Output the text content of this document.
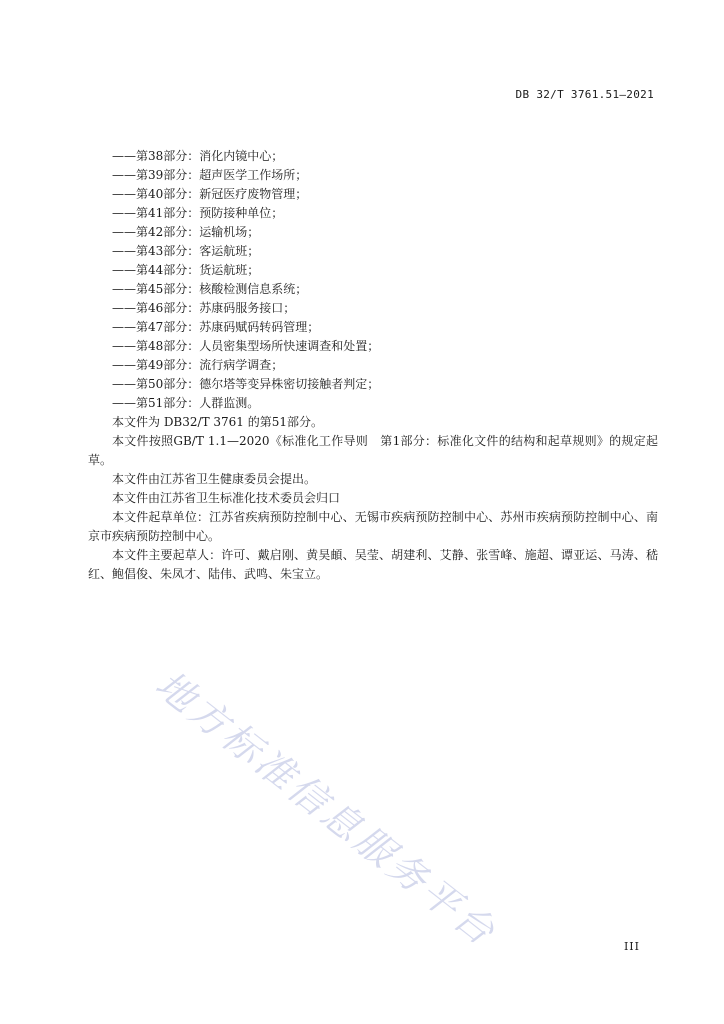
DB 32/T 3761.51—2021
——第38部分：消化内镜中心；
——第39部分：超声医学工作场所；
——第40部分：新冠医疗废物管理；
——第41部分：预防接种单位；
——第42部分：运输机场；
——第43部分：客运航班；
——第44部分：货运航班；
——第45部分：核酸检测信息系统；
——第46部分：苏康码服务接口；
——第47部分：苏康码赋码转码管理；
——第48部分：人员密集型场所快速调查和处置；
——第49部分：流行病学调查；
——第50部分：德尔塔等变异株密切接触者判定；
——第51部分：人群监测。

本文件为 DB32/T 3761 的第51部分。

本文件按照GB/T 1.1—2020《标准化工作导则　第1部分：标准化文件的结构和起草规则》的规定起草。

本文件由江苏省卫生健康委员会提出。

本文件由江苏省卫生标准化技术委员会归口

本文件起草单位：江苏省疾病预防控制中心、无锡市疾病预防控制中心、苏州市疾病预防控制中心、南京市疾病预防控制中心。

本文件主要起草人：许可、戴启刚、黄昊頔、吴莹、胡建利、艾静、张雪峰、施超、谭亚运、马涛、嵇红、鲍倡俊、朱凤才、陆伟、武鸣、朱宝立。

地方标准信息服务平台	III
